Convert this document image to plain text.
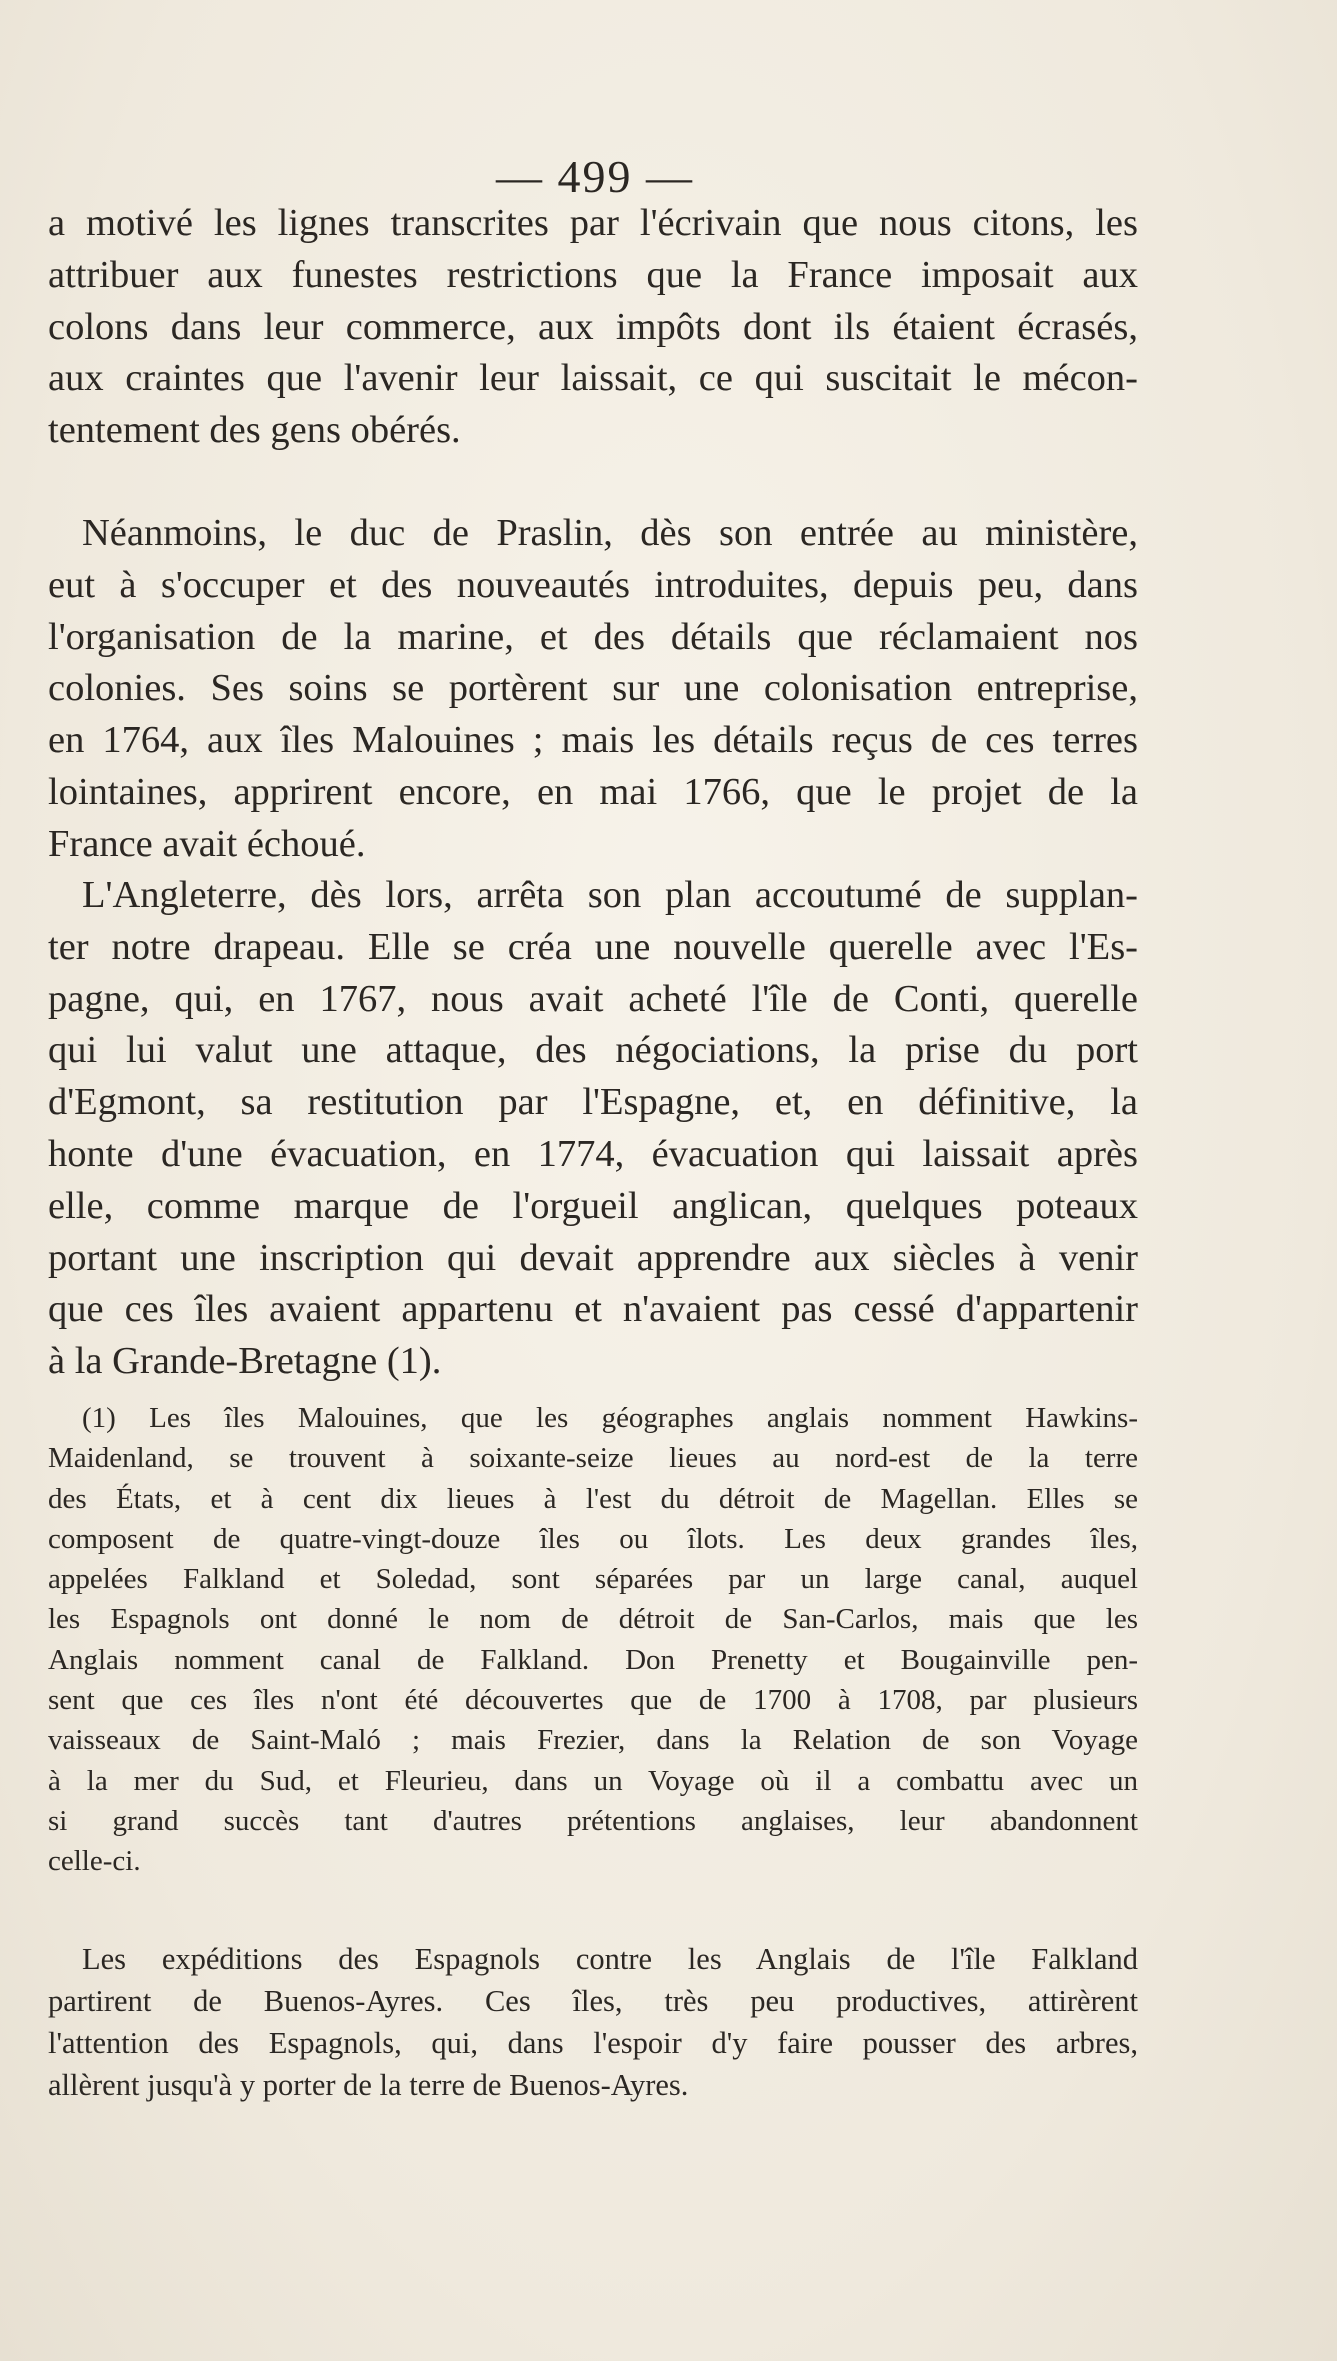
— 499 —
a motivé les lignes transcrites par l'écrivain que nous citons, les
attribuer aux funestes restrictions que la France imposait aux
colons dans leur commerce, aux impôts dont ils étaient écrasés,
aux craintes que l'avenir leur laissait, ce qui suscitait le mécon-
tentement des gens obérés.
Néanmoins, le duc de Praslin, dès son entrée au ministère,
eut à s'occuper et des nouveautés introduites, depuis peu, dans
l'organisation de la marine, et des détails que réclamaient nos
colonies. Ses soins se portèrent sur une colonisation entreprise,
en 1764, aux îles Malouines ; mais les détails reçus de ces terres
lointaines, apprirent encore, en mai 1766, que le projet de la
France avait échoué.
L'Angleterre, dès lors, arrêta son plan accoutumé de supplan-
ter notre drapeau. Elle se créa une nouvelle querelle avec l'Es-
pagne, qui, en 1767, nous avait acheté l'île de Conti, querelle
qui lui valut une attaque, des négociations, la prise du port
d'Egmont, sa restitution par l'Espagne, et, en définitive, la
honte d'une évacuation, en 1774, évacuation qui laissait après
elle, comme marque de l'orgueil anglican, quelques poteaux
portant une inscription qui devait apprendre aux siècles à venir
que ces îles avaient appartenu et n'avaient pas cessé d'appartenir
à la Grande-Bretagne (1).
(1) Les îles Malouines, que les géographes anglais nomment Hawkins-
Maidenland, se trouvent à soixante-seize lieues au nord-est de la terre
des États, et à cent dix lieues à l'est du détroit de Magellan. Elles se
composent de quatre-vingt-douze îles ou îlots. Les deux grandes îles,
appelées Falkland et Soledad, sont séparées par un large canal, auquel
les Espagnols ont donné le nom de détroit de San-Carlos, mais que les
Anglais nomment canal de Falkland. Don Prenetty et Bougainville pen-
sent que ces îles n'ont été découvertes que de 1700 à 1708, par plusieurs
vaisseaux de Saint-Maló ; mais Frezier, dans la Relation de son Voyage
à la mer du Sud, et Fleurieu, dans un Voyage où il a combattu avec un
si grand succès tant d'autres prétentions anglaises, leur abandonnent
celle-ci.
Les expéditions des Espagnols contre les Anglais de l'île Falkland
partirent de Buenos-Ayres. Ces îles, très peu productives, attirèrent
l'attention des Espagnols, qui, dans l'espoir d'y faire pousser des arbres,
allèrent jusqu'à y porter de la terre de Buenos-Ayres.
